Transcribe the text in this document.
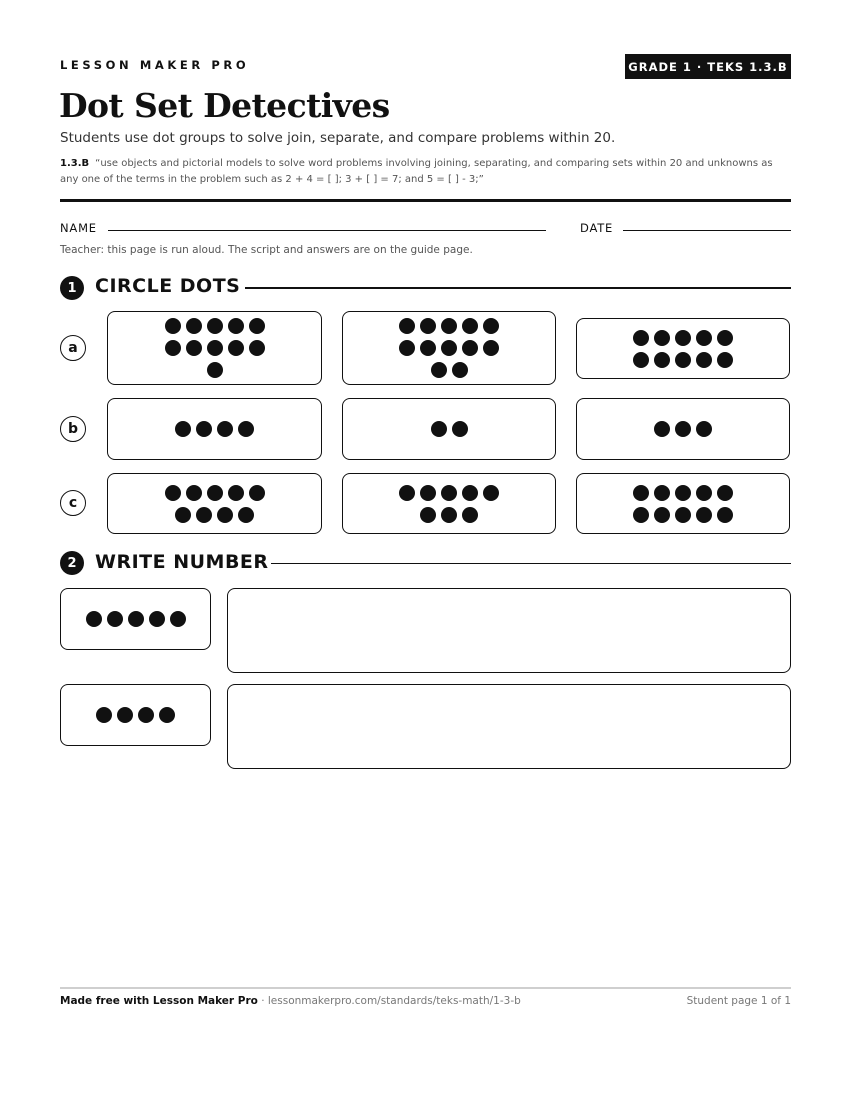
LESSON MAKER PRO	GRADE 1 · TEKS 1.3.B
Dot Set Detectives
Students use dot groups to solve join, separate, and compare problems within 20.
1.3.B “use objects and pictorial models to solve word problems involving joining, separating, and comparing sets within 20 and unknowns as any one of the terms in the problem such as 2 + 4 = [ ]; 3 + [ ] = 7; and 5 = [ ] - 3;”
NAME	DATE
Teacher: this page is run aloud. The script and answers are on the guide page.
1 CIRCLE DOTS
a
b
c
2 WRITE NUMBER
Made free with Lesson Maker Pro · lessonmakerpro.com/standards/teks-math/1-3-b	Student page 1 of 1
